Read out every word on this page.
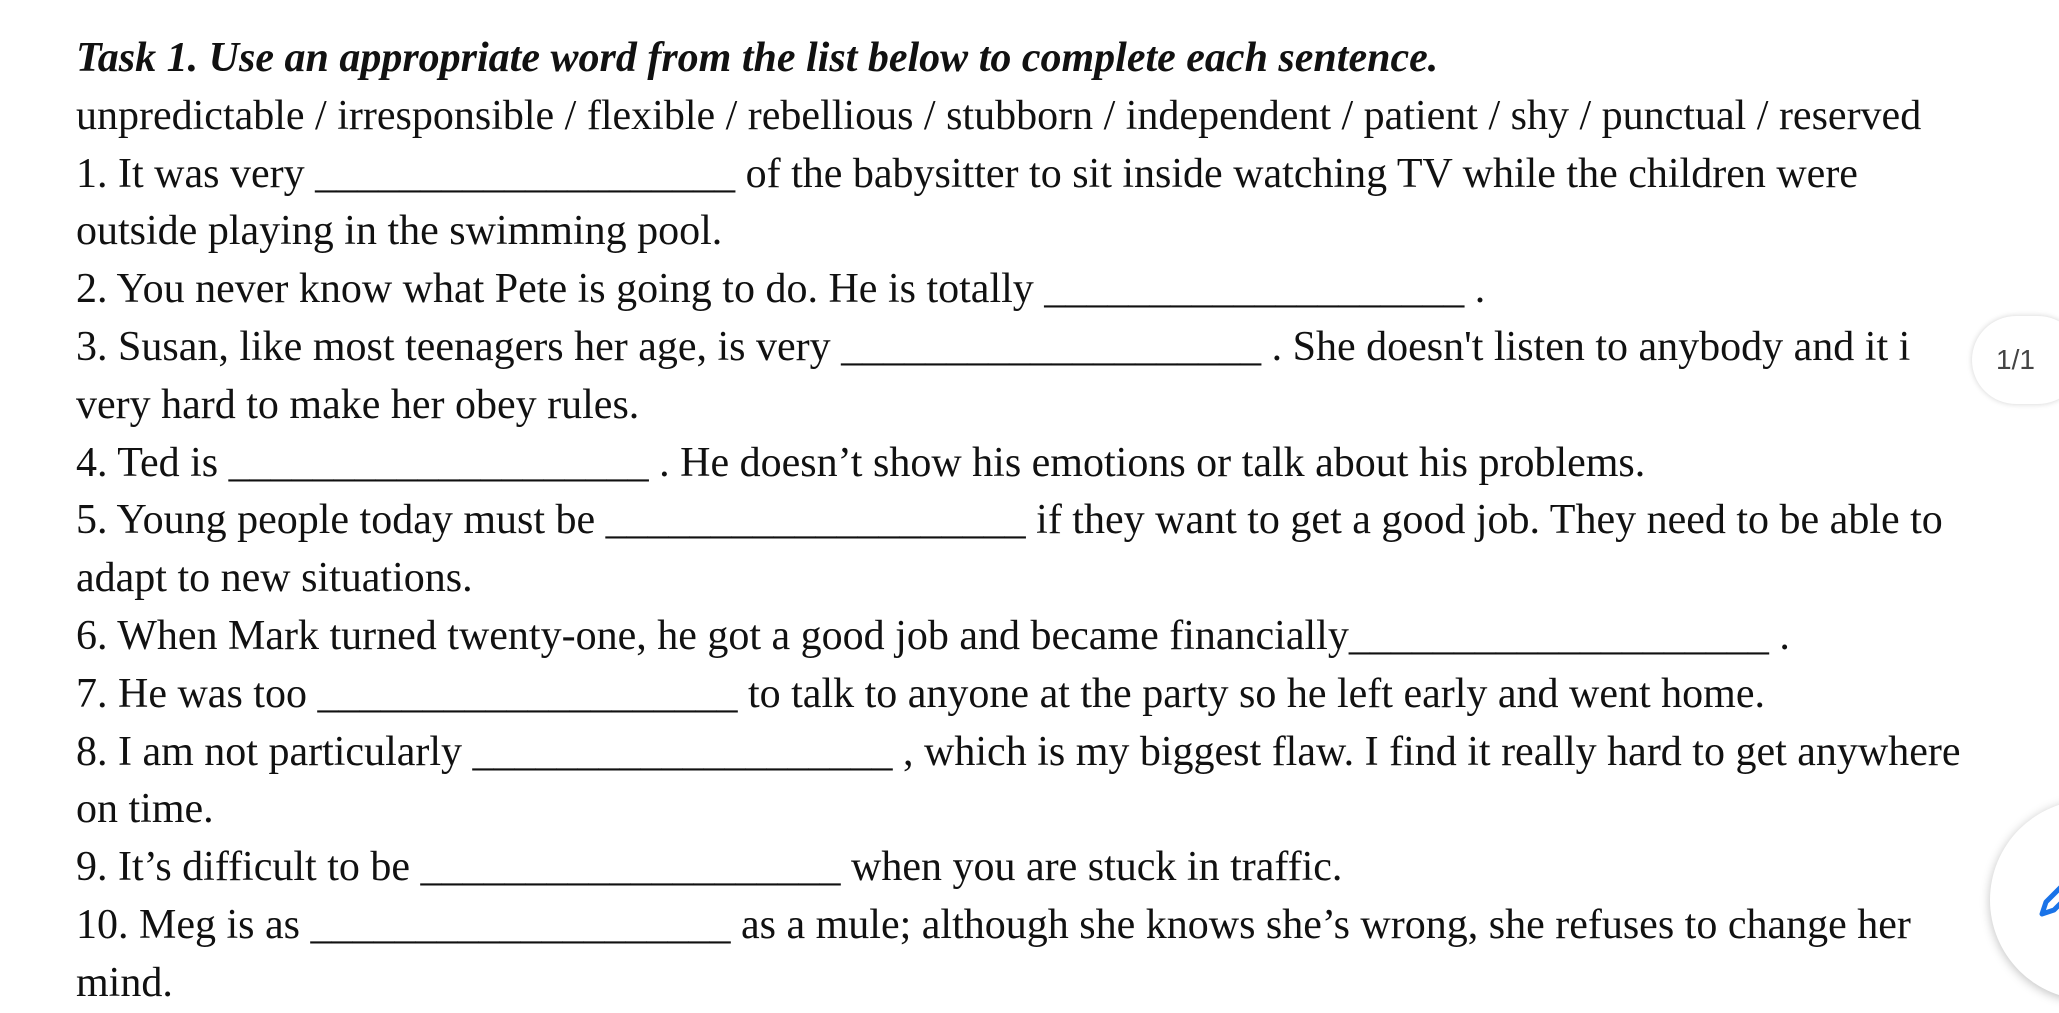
Task 1. Use an appropriate word from the list below to complete each sentence.
unpredictable / irresponsible / flexible / rebellious / stubborn / independent / patient / shy / punctual / reserved
1. It was very ____________________ of the babysitter to sit inside watching TV while the children were
outside playing in the swimming pool.
2. You never know what Pete is going to do. He is totally ____________________ .
3. Susan, like most teenagers her age, is very ____________________ . She doesn't listen to anybody and it i
very hard to make her obey rules.
4. Ted is ____________________ . He doesn’t show his emotions or talk about his problems.
5. Young people today must be ____________________ if they want to get a good job. They need to be able to
adapt to new situations.
6. When Mark turned twenty-one, he got a good job and became financially____________________ .
7. He was too ____________________ to talk to anyone at the party so he left early and went home.
8. I am not particularly ____________________ , which is my biggest flaw. I find it really hard to get anywhere
on time.
9. It’s difficult to be ____________________ when you are stuck in traffic.
10. Meg is as ____________________ as a mule; although she knows she’s wrong, she refuses to change her
mind.
1/1
